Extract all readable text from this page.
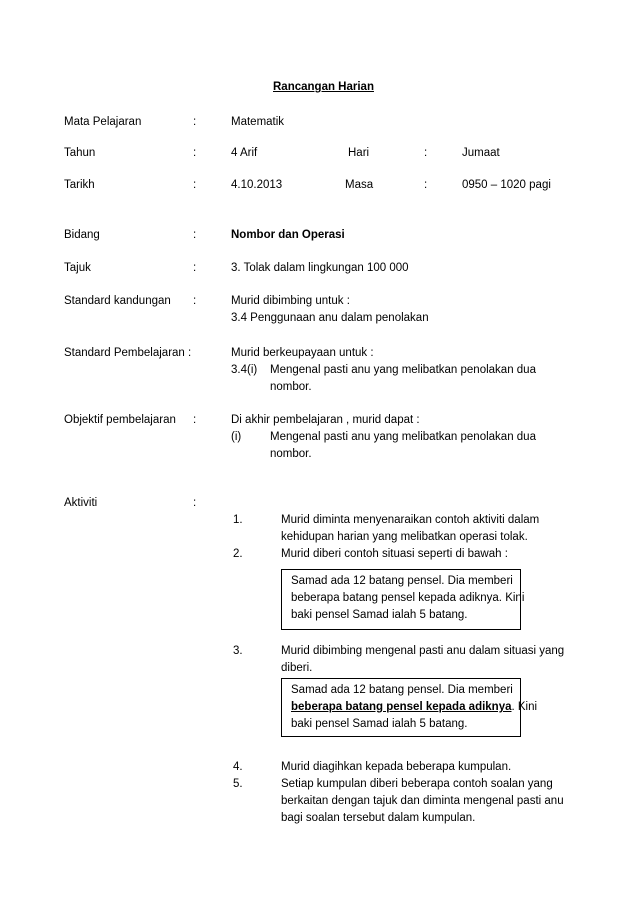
Rancangan Harian
Mata Pelajaran	:	Matematik
Tahun	:	4 Arif	Hari	:	Jumaat
Tarikh	:	4.10.2013	Masa	:	0950 – 1020 pagi
Bidang	:	Nombor dan Operasi
Tajuk	:	3. Tolak dalam lingkungan 100 000
Standard kandungan :	Murid dibimbing untuk :
3.4 Penggunaan anu dalam penolakan
Standard Pembelajaran :	Murid berkeupayaan untuk :
3.4(i) Mengenal pasti anu yang melibatkan penolakan dua
nombor.
Objektif pembelajaran :	Di akhir pembelajaran , murid dapat :
(i)	Mengenal pasti anu yang melibatkan penolakan dua
nombor.
Aktiviti	:
1.	Murid diminta menyenaraikan contoh aktiviti dalam
kehidupan harian yang melibatkan operasi tolak.
2.	Murid diberi contoh situasi seperti di bawah :
Samad ada 12 batang pensel. Dia memberi
beberapa batang pensel kepada adiknya. Kini
baki pensel Samad ialah 5 batang.
3.	Murid dibimbing mengenal pasti anu dalam situasi yang
diberi.
Samad ada 12 batang pensel. Dia memberi
beberapa batang pensel kepada adiknya. Kini
baki pensel Samad ialah 5 batang.
4.	Murid diagihkan kepada beberapa kumpulan.
5.	Setiap kumpulan diberi beberapa contoh soalan yang
berkaitan dengan tajuk dan diminta mengenal pasti anu
bagi soalan tersebut dalam kumpulan.
